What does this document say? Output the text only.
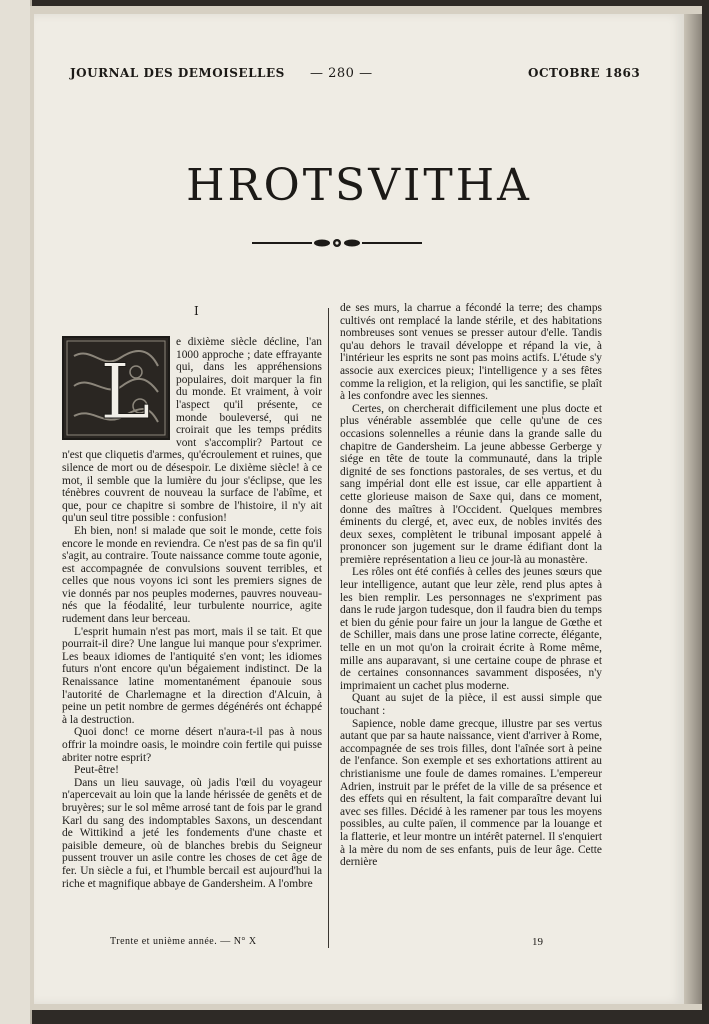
JOURNAL DES DEMOISELLES — 280 —	OCTOBRE 1863
HROTSVITHA
I
L

e dixième siècle décline, l'an 1000 approche ; date effrayante qui, dans les appréhensions populaires, doit marquer la fin du monde. Et vraiment, à voir l'aspect qu'il présente, ce monde bouleversé, qui ne croirait que les temps prédits vont s'accomplir? Partout ce n'est que cliquetis d'armes, qu'écroulement et ruines, que silence de mort ou de désespoir. Le dixième siècle! à ce mot, il semble que la lumière du jour s'éclipse, que les ténèbres couvrent de nouveau la surface de l'abîme, et que, pour ce chapitre si sombre de l'histoire, il n'y ait qu'un seul titre possible : confusion!

Eh bien, non! si malade que soit le monde, cette fois encore le monde en reviendra. Ce n'est pas de sa fin qu'il s'agit, au contraire. Toute naissance comme toute agonie, est accompagnée de convulsions souvent terribles, et celles que nous voyons ici sont les premiers signes de vie donnés par nos peuples modernes, pauvres nouveau-nés que la féodalité, leur turbulente nourrice, agite rudement dans leur berceau.

L'esprit humain n'est pas mort, mais il se tait. Et que pourrait-il dire? Une langue lui manque pour s'exprimer. Les beaux idiomes de l'antiquité s'en vont; les idiomes futurs n'ont encore qu'un bégaiement indistinct. De la Renaissance latine momentanément épanouie sous l'autorité de Charlemagne et la direction d'Alcuin, à peine un petit nombre de germes dégénérés ont échappé à la destruction.

Quoi donc! ce morne désert n'aura-t-il pas à nous offrir la moindre oasis, le moindre coin fertile qui puisse abriter notre esprit?

Peut-être!

Dans un lieu sauvage, où jadis l'œil du voyageur n'apercevait au loin que la lande hérissée de genêts et de bruyères; sur le sol même arrosé tant de fois par le grand Karl du sang des indomptables Saxons, un descendant de Wittikind a jeté les fondements d'une chaste et paisible demeure, où de blanches brebis du Seigneur pussent trouver un asile contre les choses de cet âge de fer. Un siècle a fui, et l'humble bercail est aujourd'hui la riche et magnifique abbaye de Gandersheim. A l'ombre

de ses murs, la charrue a fécondé la terre; des champs cultivés ont remplacé la lande stérile, et des habitations nombreuses sont venues se presser autour d'elle. Tandis qu'au dehors le travail développe et répand la vie, à l'intérieur les esprits ne sont pas moins actifs. L'étude s'y associe aux exercices pieux; l'intelligence y a ses fêtes comme la religion, et la religion, qui les sanctifie, se plaît à les confondre avec les siennes.

Certes, on chercherait difficilement une plus docte et plus vénérable assemblée que celle qu'une de ces occasions solennelles a réunie dans la grande salle du chapitre de Gandersheim. La jeune abbesse Gerberge y siége en tête de toute la communauté, dans la triple dignité de ses fonctions pastorales, de ses vertus, et du sang impérial dont elle est issue, car elle appartient à cette glorieuse maison de Saxe qui, dans ce moment, donne des maîtres à l'Occident. Quelques membres éminents du clergé, et, avec eux, de nobles invités des deux sexes, complètent le tribunal imposant appelé à prononcer son jugement sur le drame édifiant dont la première représentation a lieu ce jour-là au monastère.

Les rôles ont été confiés à celles des jeunes sœurs que leur intelligence, autant que leur zèle, rend plus aptes à les bien remplir. Les personnages ne s'expriment pas dans le rude jargon tudesque, don il faudra bien du temps et bien du génie pour faire un jour la langue de Gœthe et de Schiller, mais dans une prose latine correcte, élégante, telle en un mot qu'on la croirait écrite à Rome même, mille ans auparavant, si une certaine coupe de phrase et de certaines consonnances savamment disposées, n'y imprimaient un cachet plus moderne.

Quant au sujet de la pièce, il est aussi simple que touchant :

Sapience, noble dame grecque, illustre par ses vertus autant que par sa haute naissance, vient d'arriver à Rome, accompagnée de ses trois filles, dont l'aînée sort à peine de l'enfance. Son exemple et ses exhortations attirent au christianisme une foule de dames romaines. L'empereur Adrien, instruit par le préfet de la ville de sa présence et des effets qui en résultent, la fait comparaître devant lui avec ses filles. Décidé à les ramener par tous les moyens possibles, au culte païen, il commence par la louange et la flatterie, et leur montre un intérêt paternel. Il s'enquiert à la mère du nom de ses enfants, puis de leur âge. Cette dernière

Trente et unième année. — N° X	19
